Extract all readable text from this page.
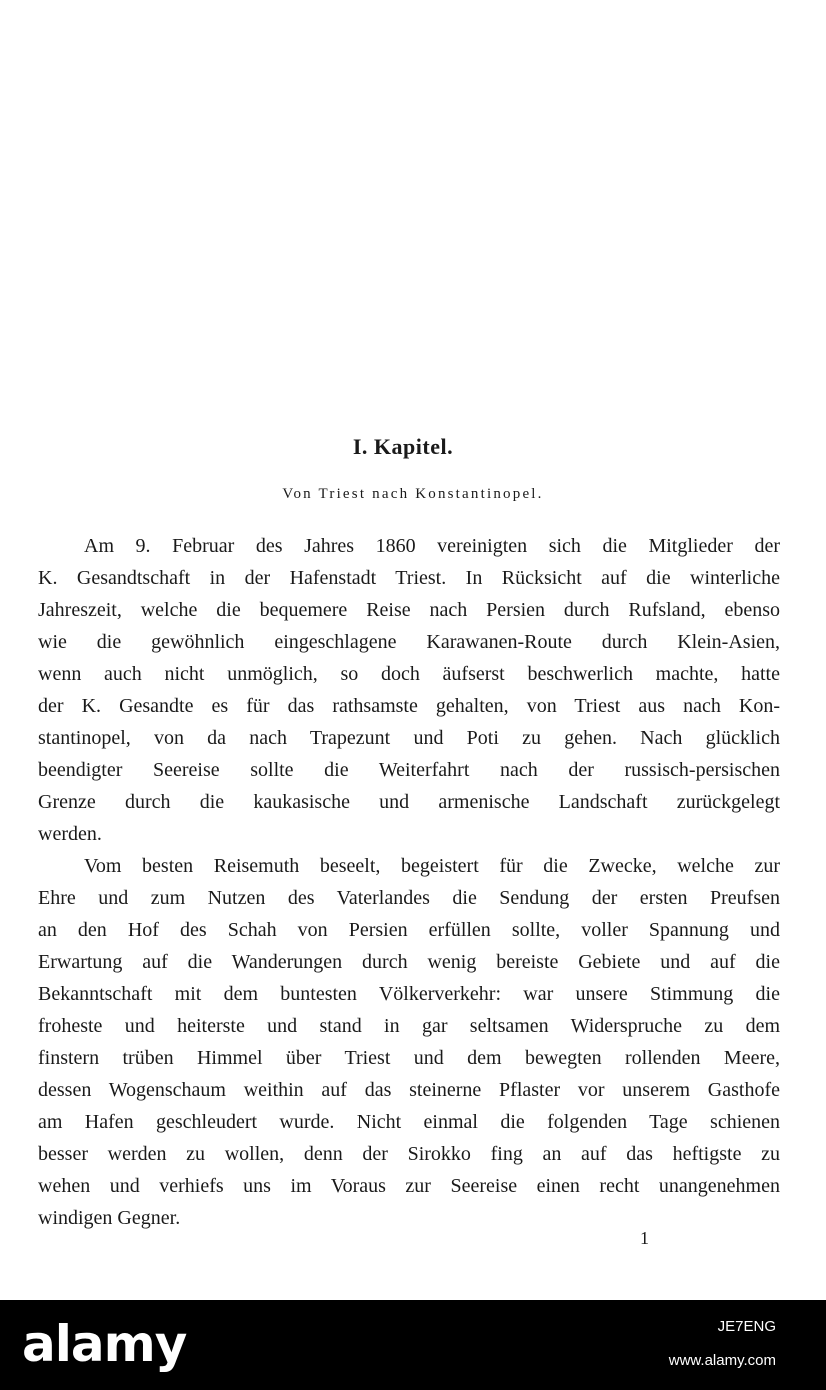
I. Kapitel.
Von Triest nach Konstantinopel.
Am 9. Februar des Jahres 1860 vereinigten sich die Mitglieder der
K. Gesandtschaft in der Hafenstadt Triest. In Rücksicht auf die winterliche
Jahreszeit, welche die bequemere Reise nach Persien durch Rufsland, ebenso
wie die gewöhnlich eingeschlagene Karawanen-Route durch Klein-Asien,
wenn auch nicht unmöglich, so doch äufserst beschwerlich machte, hatte
der K. Gesandte es für das rathsamste gehalten, von Triest aus nach Kon-
stantinopel, von da nach Trapezunt und Poti zu gehen. Nach glücklich
beendigter Seereise sollte die Weiterfahrt nach der russisch-persischen
Grenze durch die kaukasische und armenische Landschaft zurückgelegt
werden.
Vom besten Reisemuth beseelt, begeistert für die Zwecke, welche zur
Ehre und zum Nutzen des Vaterlandes die Sendung der ersten Preufsen
an den Hof des Schah von Persien erfüllen sollte, voller Spannung und
Erwartung auf die Wanderungen durch wenig bereiste Gebiete und auf die
Bekanntschaft mit dem buntesten Völkerverkehr: war unsere Stimmung die
froheste und heiterste und stand in gar seltsamen Widerspruche zu dem
finstern trüben Himmel über Triest und dem bewegten rollenden Meere,
dessen Wogenschaum weithin auf das steinerne Pflaster vor unserem Gasthofe
am Hafen geschleudert wurde. Nicht einmal die folgenden Tage schienen
besser werden zu wollen, denn der Sirokko fing an auf das heftigste zu
wehen und verhiefs uns im Voraus zur Seereise einen recht unangenehmen
windigen Gegner.
1
alamy	JE7ENG
www.alamy.com
